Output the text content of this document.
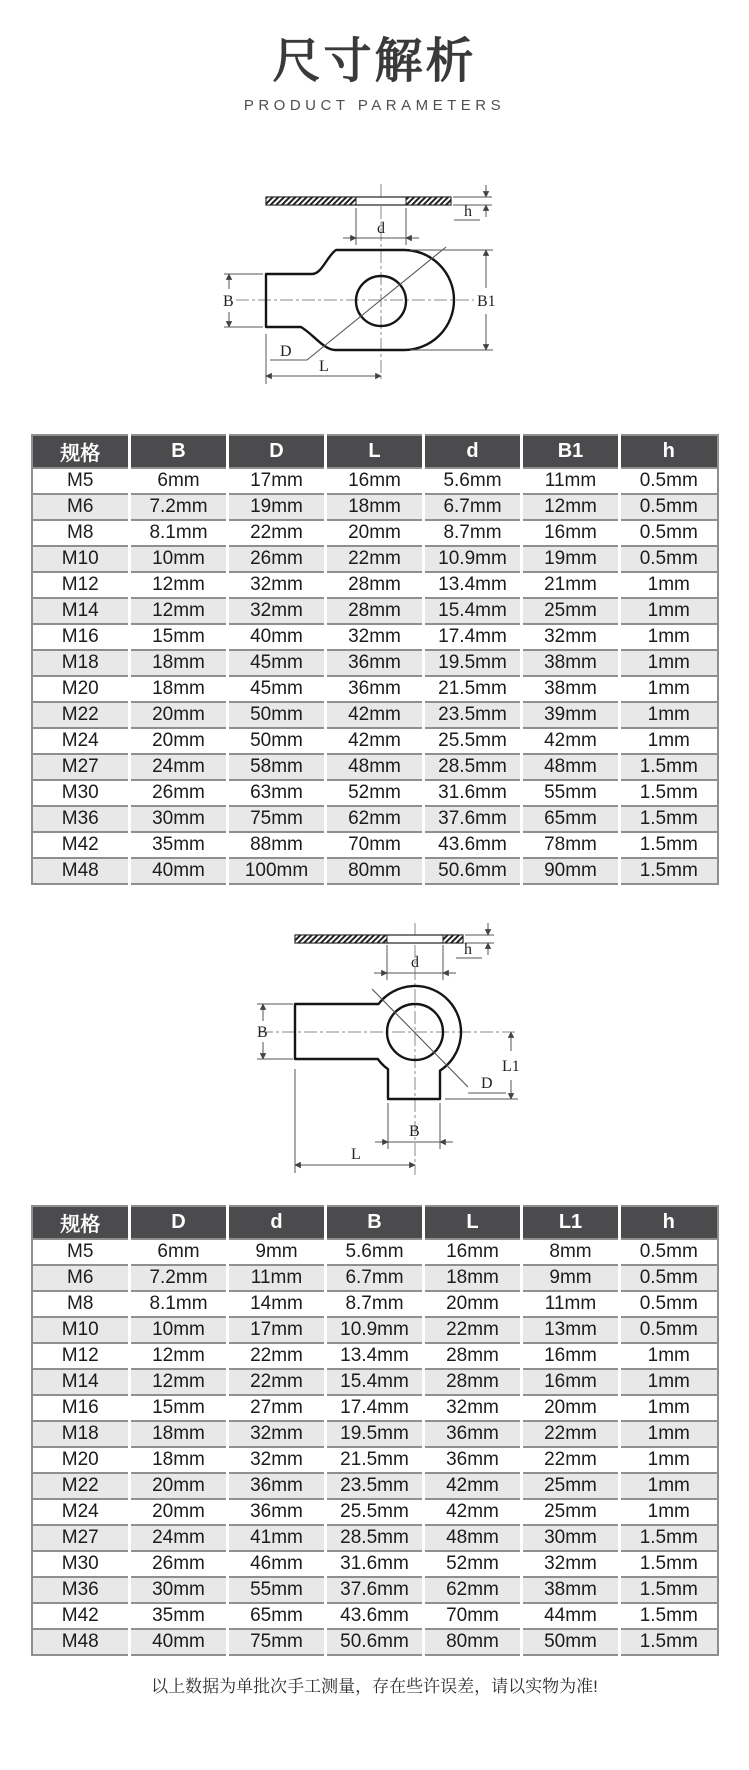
尺寸解析
PRODUCT PARAMETERS
h
d
D
B	B1
L
规格	B	D	L	d	B1	h
M5	6mm	17mm	16mm	5.6mm	11mm	0.5mm
M6	7.2mm	19mm	18mm	6.7mm	12mm	0.5mm
M8	8.1mm	22mm	20mm	8.7mm	16mm	0.5mm
M10	10mm	26mm	22mm	10.9mm	19mm	0.5mm
M12	12mm	32mm	28mm	13.4mm	21mm	1mm
M14	12mm	32mm	28mm	15.4mm	25mm	1mm
M16	15mm	40mm	32mm	17.4mm	32mm	1mm
M18	18mm	45mm	36mm	19.5mm	38mm	1mm
M20	18mm	45mm	36mm	21.5mm	38mm	1mm
M22	20mm	50mm	42mm	23.5mm	39mm	1mm
M24	20mm	50mm	42mm	25.5mm	42mm	1mm
M27	24mm	58mm	48mm	28.5mm	48mm	1.5mm
M30	26mm	63mm	52mm	31.6mm	55mm	1.5mm
M36	30mm	75mm	62mm	37.6mm	65mm	1.5mm
M42	35mm	88mm	70mm	43.6mm	78mm	1.5mm
M48	40mm	100mm	80mm	50.6mm	90mm	1.5mm
h
d
D
B
L1
B
L
规格	D	d	B	L	L1	h
M5	6mm	9mm	5.6mm	16mm	8mm	0.5mm
M6	7.2mm	11mm	6.7mm	18mm	9mm	0.5mm
M8	8.1mm	14mm	8.7mm	20mm	11mm	0.5mm
M10	10mm	17mm	10.9mm	22mm	13mm	0.5mm
M12	12mm	22mm	13.4mm	28mm	16mm	1mm
M14	12mm	22mm	15.4mm	28mm	16mm	1mm
M16	15mm	27mm	17.4mm	32mm	20mm	1mm
M18	18mm	32mm	19.5mm	36mm	22mm	1mm
M20	18mm	32mm	21.5mm	36mm	22mm	1mm
M22	20mm	36mm	23.5mm	42mm	25mm	1mm
M24	20mm	36mm	25.5mm	42mm	25mm	1mm
M27	24mm	41mm	28.5mm	48mm	30mm	1.5mm
M30	26mm	46mm	31.6mm	52mm	32mm	1.5mm
M36	30mm	55mm	37.6mm	62mm	38mm	1.5mm
M42	35mm	65mm	43.6mm	70mm	44mm	1.5mm
M48	40mm	75mm	50.6mm	80mm	50mm	1.5mm
以上数据为单批次手工测量，存在些许误差，请以实物为准!
